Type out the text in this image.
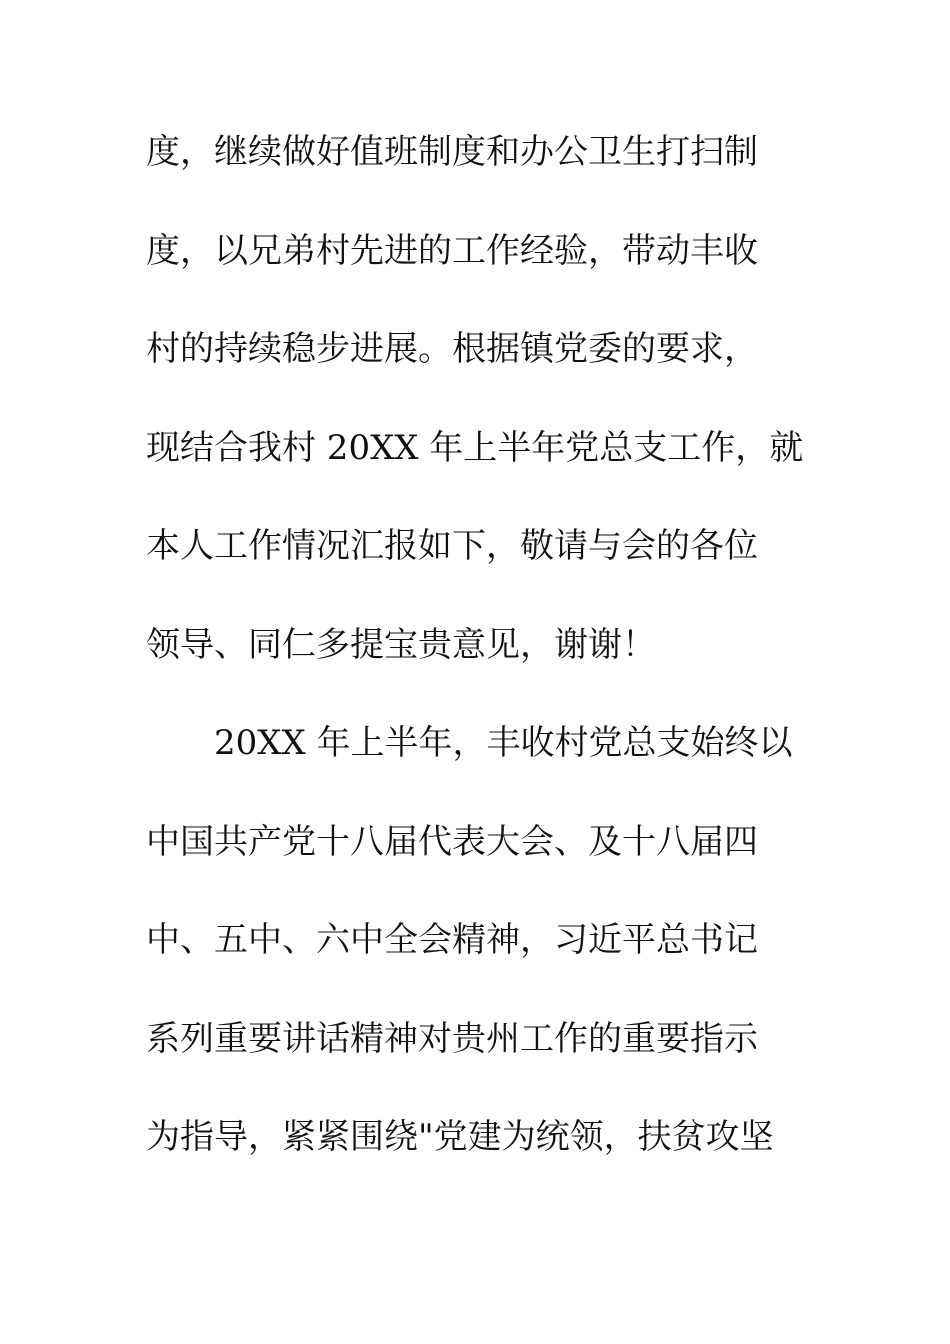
度，继续做好值班制度和办公卫生打扫制
度，以兄弟村先进的工作经验，带动丰收
村的持续稳步进展。根据镇党委的要求，
现结合我村 20XX 年上半年党总支工作，就
本人工作情况汇报如下，敬请与会的各位
领导、同仁多提宝贵意见，谢谢！
20XX 年上半年，丰收村党总支始终以
中国共产党十八届代表大会、及十八届四
中、五中、六中全会精神，习近平总书记
系列重要讲话精神对贵州工作的重要指示
为指导，紧紧围绕"党建为统领，扶贫攻坚
